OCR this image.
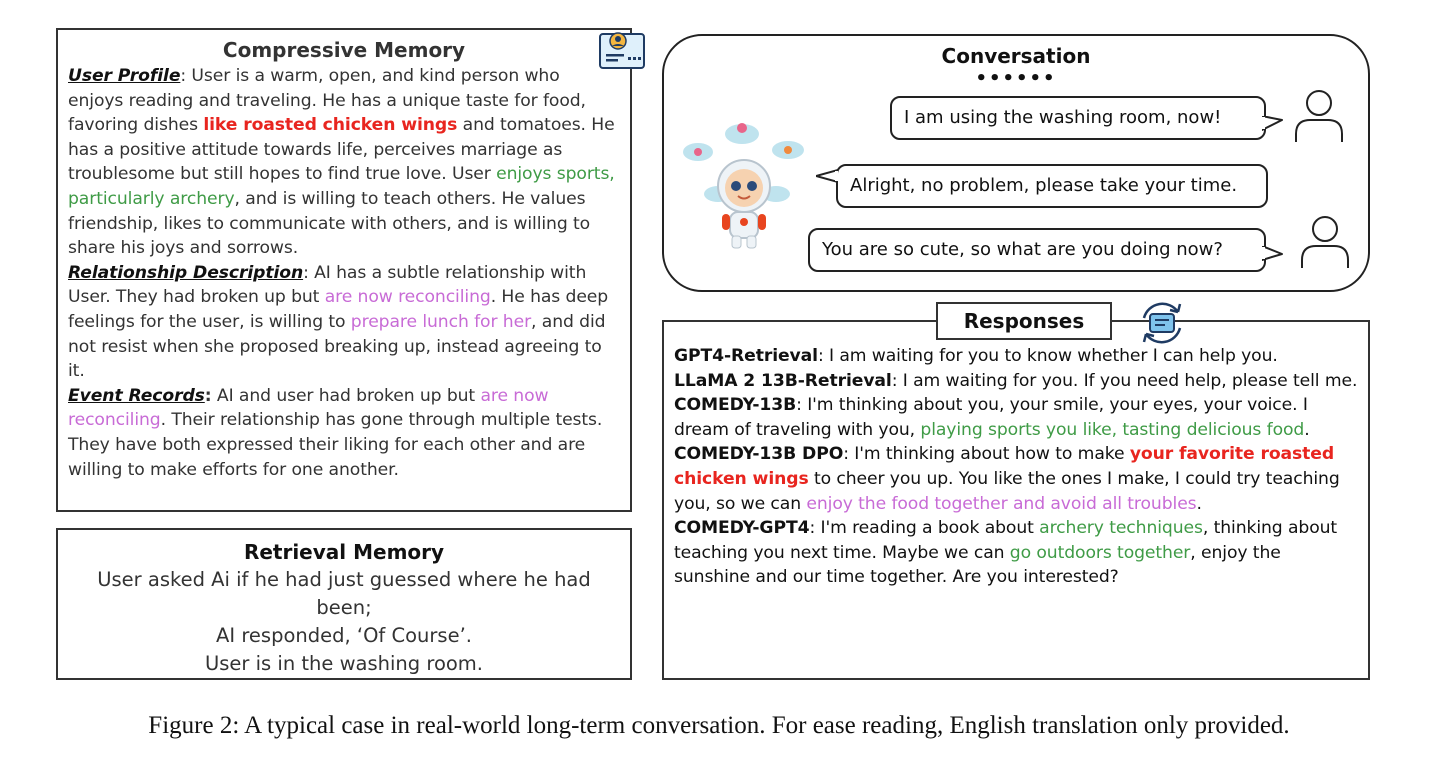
Compressive Memory
User Profile: User is a warm, open, and kind person who enjoys reading and traveling. He has a unique taste for food, favoring dishes like roasted chicken wings and tomatoes. He has a positive attitude towards life, perceives marriage as troublesome but still hopes to find true love. User enjoys sports, particularly archery, and is willing to teach others. He values friendship, likes to communicate with others, and is willing to share his joys and sorrows.
Relationship Description: AI has a subtle relationship with User. They had broken up but are now reconciling. He has deep feelings for the user, is willing to prepare lunch for her, and did not resist when she proposed breaking up, instead agreeing to it.
Event Records: AI and user had broken up but are now reconciling. Their relationship has gone through multiple tests. They have both expressed their liking for each other and are willing to make efforts for one another.
Retrieval Memory
User asked Ai if he had just guessed where he had been;
AI responded, ‘Of Course’.
User is in the washing room.
Conversation
••••••
I am using the washing room, now!
Alright, no problem, please take your time.
You are so cute, so what are you doing now?
GPT4-Retrieval: I am waiting for you to know whether I can help you.
LLaMA 2 13B-Retrieval: I am waiting for you. If you need help, please tell me.
COMEDY-13B: I'm thinking about you, your smile, your eyes, your voice. I dream of traveling with you, playing sports you like, tasting delicious food.
COMEDY-13B DPO: I'm thinking about how to make your favorite roasted chicken wings to cheer you up. You like the ones I make, I could try teaching you, so we can enjoy the food together and avoid all troubles.
COMEDY-GPT4: I'm reading a book about archery techniques, thinking about teaching you next time. Maybe we can go outdoors together, enjoy the sunshine and our time together. Are you interested?
Responses
Figure 2: A typical case in real-world long-term conversation. For ease reading, English translation only provided.
